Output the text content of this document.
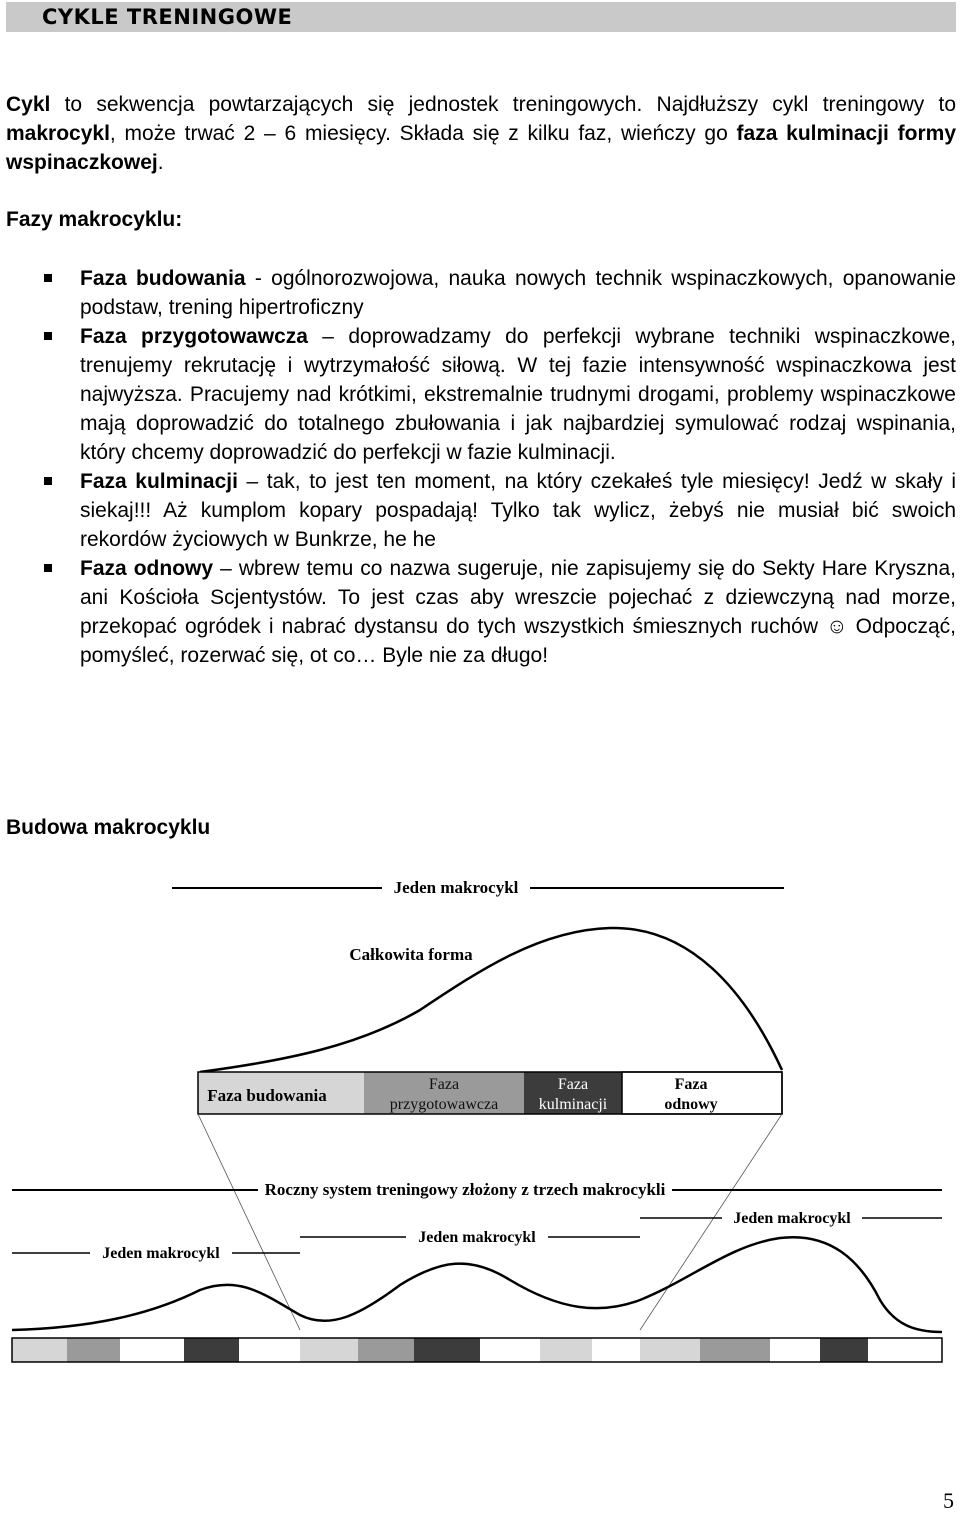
CYKLE TRENINGOWE

Cykl to sekwencja powtarzających się jednostek treningowych. Najdłuższy cykl treningowy to makrocykl, może trwać 2 – 6 miesięcy. Składa się z kilku faz, wieńczy go faza kulminacji formy wspinaczkowej.

Fazy makrocyklu:
Faza budowania - ogólnorozwojowa, nauka nowych technik wspinaczkowych, opanowanie podstaw, trening hipertroficzny
Faza przygotowawcza – doprowadzamy do perfekcji wybrane techniki wspinaczkowe, trenujemy rekrutację i wytrzymałość siłową. W tej fazie intensywność wspinaczkowa jest najwyższa. Pracujemy nad krótkimi, ekstremalnie trudnymi drogami, problemy wspinaczkowe mają doprowadzić do totalnego zbułowania i jak najbardziej symulować rodzaj wspinania, który chcemy doprowadzić do perfekcji w fazie kulminacji.
Faza kulminacji – tak, to jest ten moment, na który czekałeś tyle miesięcy! Jedź w skały i siekaj!!! Aż kumplom kopary pospadają! Tylko tak wylicz, żebyś nie musiał bić swoich rekordów życiowych w Bunkrze, he he
Faza odnowy – wbrew temu co nazwa sugeruje, nie zapisujemy się do Sekty Hare Kryszna, ani Kościoła Scjentystów. To jest czas aby wreszcie pojechać z dziewczyną nad morze, przekopać ogródek i nabrać dystansu do tych wszystkich śmiesznych ruchów ☺ Odpocząć, pomyśleć, rozerwać się, ot co… Byle nie za długo!
Budowa makrocyklu
Jeden makrocykl
Całkowita forma
Faza budowania
Faza
przygotowawcza
Faza
kulminacji
Faza
odnowy
Roczny system treningowy złożony z trzech makrocykli
Jeden makrocykl
Jeden makrocykl
Jeden makrocykl
5
